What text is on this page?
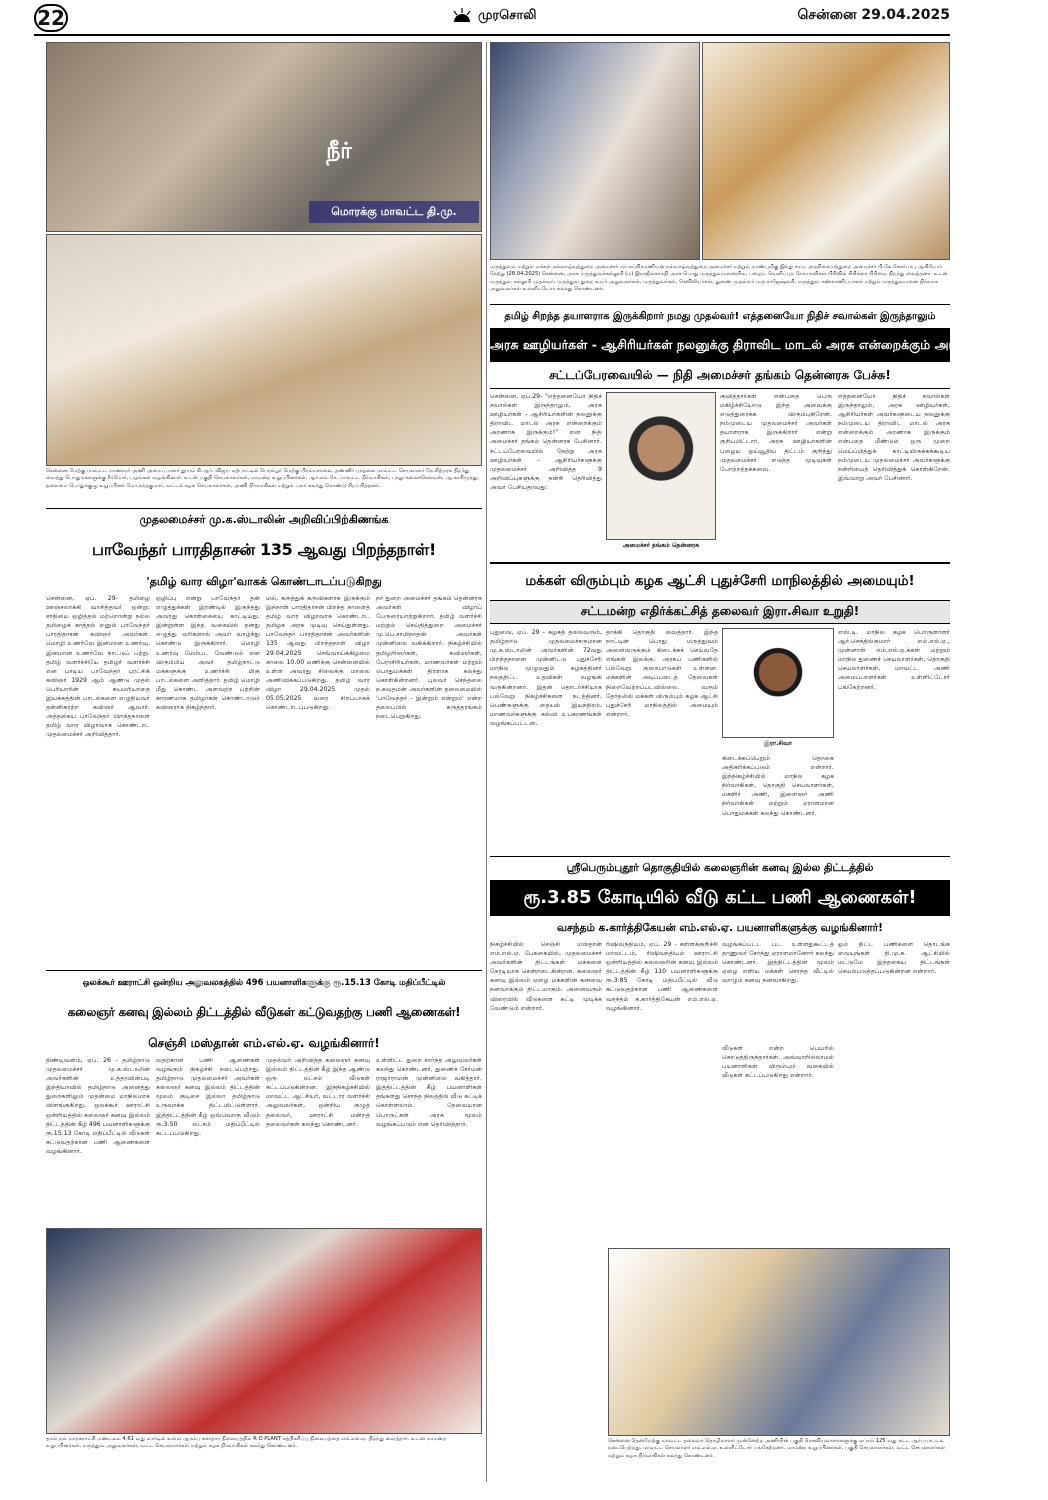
22	முரசொலி	சென்னை 29.04.2025
நீர்
மொரக்கு மாவட்ட தி.மு.
சென்னை மேற்கு மாவட்ட மாணவர் அணி அமைப்பாளர் தூயம் கி.ஆர். விஜய் ஏற்பாட்டில் பெரம்பூர் மேற்கு பிரம்மசாலை, தண்ணீர் பந்தலை மாவட்ட செயலாளர் நே.சிற்றரசு திறந்து வைத்து பொதுமக்களுக்கு நீர்மோர், பழங்கள் வழங்கினார். உடன் பகுதி செயலாளர்கள், மாமன்ற உறுப்பினர்கள், ஆர்.எம்.கே. மாவட்ட நிர்வாகிகள், பாலு கலைச்செல்வன், ஆ.காசிமுத்து, தலைமை பொதுக்குழு உறுப்பினர் மோ.நந்தகுமார், வட்டக் கழக செயலாளர்கள், அணி நிர்வாகிகள் மற்றும் பலர் கலந்து கொண்டு சிறப்பித்தனர்.
மருத்துவம் மற்றும் மக்கள் நல்வாழ்வுத்துறை அமைச்சர் மா.சுப்பிரமணியன் நல்வாழ்வுத்துறை அமைச்சர் மற்றும் மாண்புமிகு இந்து சமய அறநிலையத்துறை அமைச்சர் பி.கே.சேகர்பாபு ஆகியோர் நேற்று (28.04.2025) சென்னை, அரசு மருத்துவக்கல்லூரி (ம) இராஜீவ்காந்தி அரசு பொது மருத்துவமனையில், பழைய வெளிப்புற நோயாளிகள் பிரிவில் சிகிச்சை பிரிவை திறந்து வைத்தனர். உடன் மருத்துவ கல்லூரி முதல்வர், மருத்துவ துறை உயர் அலுவலர்கள், மருத்துவர்கள், செவிலியர்கள், துணை முதல்வர் மரு.ராஜேஷ்வரி, மருத்துவ கண்காணிப்பாளர் மற்றும் மருத்துவமனை நிர்வாக அலுவலர்கள் உள்ளிட்டோர் கலந்து கொண்டனர்.
தமிழ் சிறந்த தயாளராக இருக்கிறார் நமது முதல்வர்! எத்தனையோ நிதிச் சவால்கள் இருந்தாலும்
அரசு ஊழியர்கள் - ஆசிரியர்கள் நலனுக்கு திராவிட மாடல் அரசு என்றைக்கும் அரணாக இருக்கும்!
சட்டப்பேரவையில் — நிதி அமைச்சர் தங்கம் தென்னரசு பேச்சு!
சென்னை, ஏப்.29- "எத்தனையோ நிதிச் சவால்கள் இருந்தாலும், அரசு ஊழியர்கள் - ஆசிரியர்களின் நலனுக்கு திராவிட மாடல் அரசு என்றைக்கும் அரணாக இருக்கும்!" என நிதி அமைச்சர் தங்கம் தென்னரசு பேசினார். சட்டப்பேரவையில் நேற்று அரசு ஊழியர்கள் - ஆசிரியர்களுக்கு முதலமைச்சர் அறிவித்த 9 அறிவிப்புகளுக்கு நன்றி தெரிவித்து அவர் பேசியதாவது:
அமைச்சர் தங்கம் தென்னரசு
குவித்தார்கள் என்பதை பெரு மகிழ்ச்சியோடு இந்த அவைக்கு எடுத்துரைக்க விரும்புகிறேன். நம்முடைய முதலமைச்சர் அவர்கள் தயாளராக இருக்கிறார் என்று குறிப்பிட்டார். அரசு ஊழியர்களின் பழைய ஓய்வூதிய திட்டம் குறித்து முதலமைச்சர் எடுத்த முடிவுகள் போற்றத்தக்கவை.
எத்தனையோ நிதிச் சவால்கள் இருந்தாலும், அரசு ஊழியர்கள், ஆசிரியர்கள் அவர்களுடைய நலனுக்கு நம்முடைய திராவிட மாடல் அரசு என்றைக்கும் அரணாக இருக்கும் என்பதை மீண்டும் ஒரு முறை மெய்ப்பித்துக் காட்டியிருக்கக்கூடிய நம்முடைய முதலமைச்சர் அவர்களுக்கு நன்றியைத் தெரிவித்துக் கொள்கிறேன். இவ்வாறு அவர் பேசினார்.
முதலமைச்சர் மு.க.ஸ்டாலின் அறிவிப்பிற்கிணங்க
பாவேந்தர் பாரதிதாசன் 135 ஆவது பிறந்தநாள்!
'தமிழ் வார விழா'வாகக் கொண்டாடப்படுகிறது
சென்னை, ஏப். 29- தமிழை ஊஞ்சலாக்கி வாசித்தவர் ஒன்று: சாதியை ஒழித்தல் மற்றொன்று நல்ல தமிழைக் காத்தல் எனும் பாவேந்தர் பாரதிதாசன் கவிஞர் அவர்கள். மொழி உணர்வே இனமான உணர்வு. இனமான உணர்வே நாட்டுப் பற்று. தமிழ் வளர்ச்சியே தமிழர் வளர்ச்சி என பாடிய பாவேந்தர் புரட்சிக் கவிஞர் 1929 ஆம் ஆண்டு முதல் பெரியாரின் சுயமரியாதை இயக்கத்தின் பாடல்களை எழுதியவர் தன்னிகரற்ற கவிஞர் ஆவார். அத்தகைய பாவேந்தர் பிறந்தநாளை தமிழ் வார விழாவாக கொண்டாட முதலமைச்சர் அறிவித்தார்.
ஒழிப்பு என்று பாவேந்தர் தன் எழுத்துக்கள் இரண்டில் இருந்தது அவரது கொள்கையை காட்டியது. இன்றுள்ள இந்த வகையில் தனது எழுத்து வரிகளால் அவர் வாழ்ந்து கொண்டு இருக்கிறார். மொழி உணர்வு மேம்பட வேண்டும் என விரும்பிய அவர் தமிழ்நாட்டு மக்களுக்கு உணர்ச்சி மிகு பாடல்களை அளித்தார். தமிழ் மொழி மீது கொண்ட அளவற்ற பற்றின் காரணமாக தமிழர்கள் கொண்டாடும் கவிஞராக திகழ்ந்தார்.
மல், கருத்துக் கருவிகளாக இருக்கும் இந்நாள் பாரதிதாசன் பிறந்த நாளைத் தமிழ் வார விழாவாக கொண்டாட தமிழக அரசு முடிவு செய்துள்ளது. பாவேந்தர் பாரதிதாசன் அவர்களின் 135 ஆவது பிறந்தநாள் விழா 29.04.2025 செவ்வாய்க்கிழமை காலை 10.00 மணிக்கு சென்னையில் உள்ள அவரது சிலைக்கு மாலை அணிவிக்கப்படுகிறது. தமிழ் வார விழா 29.04.2025 முதல் 05.05.2025 வரை சிறப்பாகக் கொண்டாடப்படுகிறது.
நர் துறை அமைச்சர் தங்கம் தென்னரசு அவர்கள் விழாப் பேருரையாற்றுகிறார். தமிழ் வளர்ச்சி மற்றும் செய்தித்துறை அமைச்சர் மு.பெ.சாமிநாதன் அவர்கள் முன்னிலை வகிக்கிறார். நிகழ்ச்சியில் தமிழறிஞர்கள், கவிஞர்கள், பேராசிரியர்கள், மாணவர்கள் மற்றும் பொதுமக்கள் திரளாக கலந்து கொள்கின்றனர். புலவர் செந்தலை ந.கவுதமன் அவர்களின் தலைமையில் 'பாவேந்தர் - இன்றும் என்றும்' என்ற தலைப்பில் கருத்தரங்கம் நடைபெறுகிறது.
மக்கள் விரும்பும் கழக ஆட்சி புதுச்சேரி மாநிலத்தில் அமையும்!
சட்டமன்ற எதிர்க்கட்சித் தலைவர் இரா.சிவா உறுதி!
புதுவை, ஏப். 29 - கழகத் தலைவரும், தமிழ்நாடு முதலமைச்சருமான மு.க.ஸ்டாலின் அவர்களின் 72வது பிறந்தநாளை முன்னிட்டு புதுச்சேரி மாநில முழுவதும் கழகத்தினர் நலத்திட்ட உதவிகள் வழங்கி வருகின்றனர். இதன் தொடர்ச்சியாக பல்வேறு நிகழ்ச்சிகளை நடத்தினர். பெண்களுக்கு தையல் இயந்திரம், மாணவர்களுக்கு கல்வி உபகரணங்கள் வழங்கப்பட்டன.
தாக்கி தொகுதி வைத்தார். இந்த நாட்டின் பொது மருத்துவம் அனைவருக்கும் கிடைக்கச் செய்வதே எங்கள் இலக்கு. அரசுப் பணிகளில் பல்வேறு குறைபாடுகள் உள்ளன. மக்களின் அடிப்படைத் தேவைகள் நிறைவேற்றப்படவில்லை. வரும் தேர்தலில் மக்கள் விரும்பும் கழக ஆட்சி புதுச்சேரி மாநிலத்தில் அமையும் என்றார்.
இரா.சிவா
கிடைக்கப்பெறும் தொகை அதிகரிக்கப்படும் என்றார். இந்நிகழ்ச்சியில் மாநில கழக நிர்வாகிகள், தொகுதி செயலாளர்கள், மகளிர் அணி, இளைஞர் அணி நிர்வாகிகள் மற்றும் ஏராளமான பொதுமக்கள் கலந்து கொண்டனர்.
எஸ்.டி. மாநில கழக பொருளாளர் ஆர்.செந்தில்குமார் எம்.எல்.ஏ., முன்னாள் எம்.எல்.ஏ.க்கள் மற்றும் மாநில துணைச் செயலாளர்கள், தொகுதி செயலாளர்கள், மாவட்ட அணி அமைப்பாளர்கள் உள்ளிட்டோர் பங்கேற்றனர்.
ஒலக்கூர் ஊராட்சி ஒன்றிய அலுவலகத்தில் 496 பயனாளிகளுக்கு ரூ.15.13 கோடி மதிப்பீட்டில்
கலைஞர் கனவு இல்லம் திட்டத்தில் வீடுகள் கட்டுவதற்கு பணி ஆணைகள்!
செஞ்சி மஸ்தான் எம்.எல்.ஏ. வழங்கினார்!
திண்டிவனம், ஏப். 26 - தமிழ்நாடு முதலமைச்சர் மு.க.ஸ்டாலின் அவர்களின் உத்தரவின்படி இந்தியாவில் தமிழ்நாடு அனைத்து துறைகளிலும் முதன்மை மாநிலமாக விளங்குகிறது. ஒலக்கூர் ஊராட்சி ஒன்றியத்தில் கலைஞர் கனவு இல்லம் திட்டத்தின் கீழ் 496 பயனாளிகளுக்கு ரூ.15.13 கோடி மதிப்பீட்டில் வீடுகள் கட்டுவதற்கான பணி ஆணைகளை வழங்கினார்.
வதற்கான பணி ஆணைகள் வழங்கும் நிகழ்ச்சி நடைபெற்றது. தமிழ்நாடு முதலமைச்சர் அவர்கள் கலைஞர் கனவு இல்லம் திட்டத்தின் மூலம் குடிசை இல்லா தமிழ்நாடு உருவாக்க திட்டமிட்டுள்ளார். இத்திட்டத்தின் கீழ் ஒவ்வொரு வீடும் ரூ.3.50 லட்சம் மதிப்பீட்டில் கட்டப்படுகிறது.
முதல்வர் அறிவித்த கலைஞர் கனவு இல்லம் திட்டத்தின் கீழ் இந்த ஆண்டு ஒரு லட்சம் வீடுகள் கட்டப்படுகின்றன. இந்நிகழ்ச்சியில் மாவட்ட ஆட்சியர், வட்டார வளர்ச்சி அலுவலர்கள், ஒன்றிய குழுத் தலைவர், ஊராட்சி மன்றத் தலைவர்கள் கலந்து கொண்டனர்.
உள்ளிட்ட துறை சார்ந்த அலுவலர்கள் கலந்து கொண்டனர். துணைச் சேர்மன் ராஜாராமன் முன்னிலை வகித்தார். இத்திட்டத்தின் கீழ் பயனாளிகள் தங்களது சொந்த நிலத்தில் வீடு கட்டிக் கொள்ளலாம். தேவையான பொருட்கள் அரசு மூலம் வழங்கப்படும் என தெரிவித்தார்.
தாம்பரம் மாநகராட்சி மண்டலம் 4,61 வது வார்டில் உள்ள ஆரம்ப சுகாதார நிலையத்தில் R O PLANT சுத்திகரிப்பு நிலையத்தை எம்.எல்.ஏ. திறந்து வைத்தார். உடன் மாமன்ற உறுப்பினர்கள், மருத்துவ அலுவலர்கள், வட்ட செயலாளர்கள் மற்றும் கழக நிர்வாகிகள் கலந்து கொண்டனர்.
ஸ்ரீபெரும்புதூர் தொகுதியில் கலைஞரின் கனவு இல்ல திட்டத்தில்
ரூ.3.85 கோடியில் வீடு கட்ட பணி ஆணைகள்!
வசந்தம் க.கார்த்திகேயன் எம்.எல்.ஏ. பயனாளிகளுக்கு வழங்கினார்!
நிகழ்ச்சியில் செஞ்சி மஸ்தான் எம்.எல்.ஏ. பேசுகையில், முதலமைச்சர் அவர்களின் திட்டங்கள் மக்களை நேரடியாக சென்றடைகின்றன. கலைஞர் கனவு இல்லம் ஏழை மக்களின் கனவை நனவாக்கும் திட்டமாகும். அனைவரும் விரைவில் வீடுகளை கட்டி முடிக்க வேண்டும் என்றார்.
ரிஷிவந்தியம், ஏப். 29 - கள்ளக்குறிச்சி மாவட்டம், ரிஷிவந்தியம் ஊராட்சி ஒன்றியத்தில் கலைஞரின் கனவு இல்லம் திட்டத்தின் கீழ் 110 பயனாளிகளுக்கு ரூ.3.85 கோடி மதிப்பீட்டில் வீடு கட்டுவதற்கான பணி ஆணைகளை வசந்தம் க.கார்த்திகேயன் எம்.எல்.ஏ. வழங்கினார்.
வழங்கப்பட்ட பட உள்ளதுகூட்டத் தாணுவர் சேர்ந்து ஏராளமானோர் கலந்து கொண்டனர். இத்திட்டத்தின் மூலம் ஏழை எளிய மக்கள் சொந்த வீட்டில் வாழும் கனவு நனவாகிறது.
வீடுகள் என்ற பெயரில் கொடுத்திருந்தார்கள். அவ்வாறில்லாமல் பயனாளிகள் விரும்பும் வகையில் வீடுகள் கட்டப்படுகிறது என்றார்.
ஓம் திட்ட பணிகளை தொடங்க வையுங்கள் தி.மு.க. ஆட்சியில் மட்டுமே இத்தகைய திட்டங்கள் செயல்படுத்தப்படுகின்றன என்றார்.
சென்னை தென்மேற்கு மாவட்ட தலைவர் தொழிலாளர் முன்னேற்ற அணியின் பகுதி நெசவியலாளர்களுக்கு ஏப்ரல் 125 வது கட்ட ஆர்ப்பாட்டம் நடைபெற்றது. மாவட்ட செயலாளர் எம்.எல்.ஏ. உள்ளிட்டோர் பங்கேற்றனர். மாமன்ற உறுப்பினர்கள், பகுதி செயலாளர்கள், வட்ட செயலாளர்கள் மற்றும் கழக நிர்வாகிகள் கலந்து கொண்டனர்.
